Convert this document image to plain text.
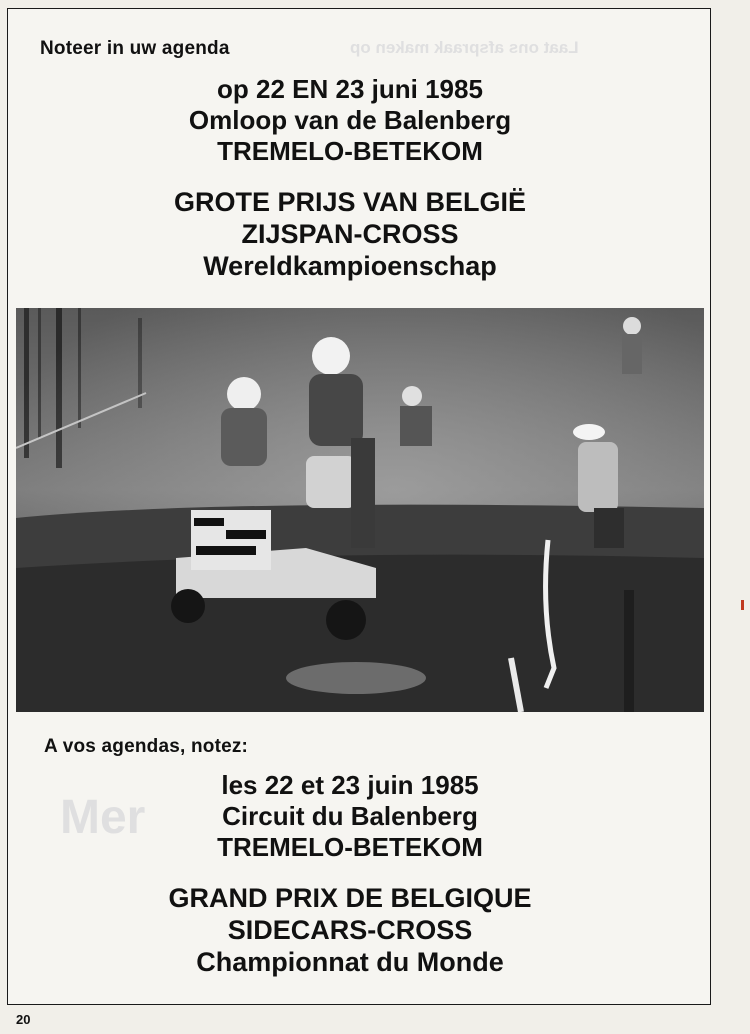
Noteer in uw agenda
op 22 EN 23 juni 1985
Omloop van de Balenberg
TREMELO-BETEKOM
GROTE PRIJS VAN BELGIË
ZIJSPAN-CROSS
Wereldkampioenschap
A vos agendas, notez:
les 22 et 23 juin 1985
Circuit du Balenberg
TREMELO-BETEKOM
GRAND PRIX DE BELGIQUE
SIDECARS-CROSS
Championnat du Monde
20
